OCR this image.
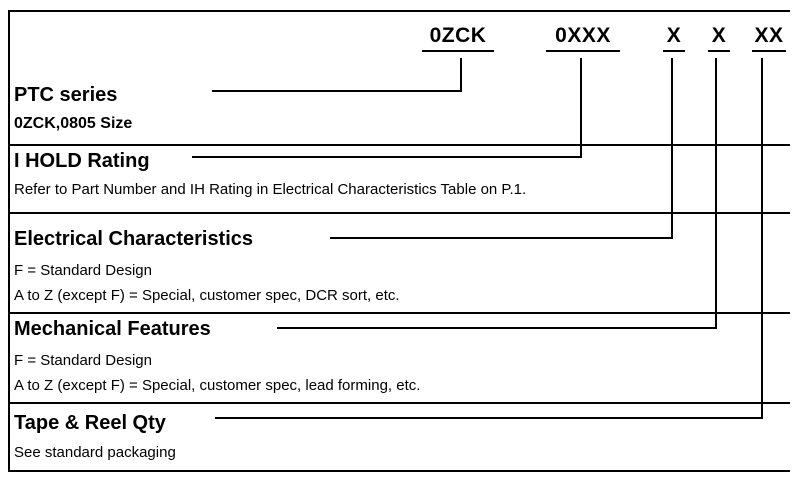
0ZCK	0XXX	X X XX
PTC series
0ZCK,0805 Size
I HOLD Rating
Refer to Part Number and IH Rating in Electrical Characteristics Table on P.1.
Electrical Characteristics
F = Standard Design
A to Z (except F) = Special, customer spec, DCR sort, etc.
Mechanical Features
F = Standard Design
A to Z (except F) = Special, customer spec, lead forming, etc.
Tape & Reel Qty
See standard packaging
